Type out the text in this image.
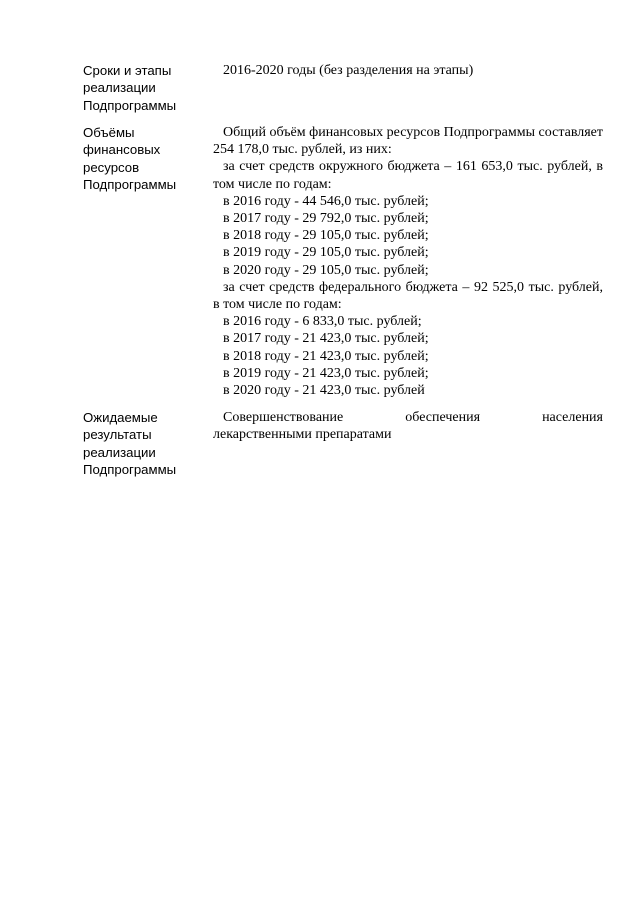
Сроки и этапы
реализации
Подпрограммы

2016-2020 годы (без разделения на этапы)

Объёмы
финансовых
ресурсов
Подпрограммы

Общий объём финансовых ресурсов Подпрограммы составляет 254 178,0 тыс. рублей, из них:

за счет средств окружного бюджета – 161 653,0 тыс. рублей, в том числе по годам:

в 2016 году - 44 546,0 тыс. рублей;

в 2017 году - 29 792,0 тыс. рублей;

в 2018 году - 29 105,0 тыс. рублей;

в 2019 году - 29 105,0 тыс. рублей;

в 2020 году - 29 105,0 тыс. рублей;

за счет средств федерального бюджета – 92 525,0 тыс. рублей, в том числе по годам:

в 2016 году - 6 833,0 тыс. рублей;

в 2017 году - 21 423,0 тыс. рублей;

в 2018 году - 21 423,0 тыс. рублей;

в 2019 году - 21 423,0 тыс. рублей;

в 2020 году - 21 423,0 тыс. рублей

Ожидаемые
результаты
реализации
Подпрограммы

Совершенствование обеспечения населения

лекарственными препаратами
